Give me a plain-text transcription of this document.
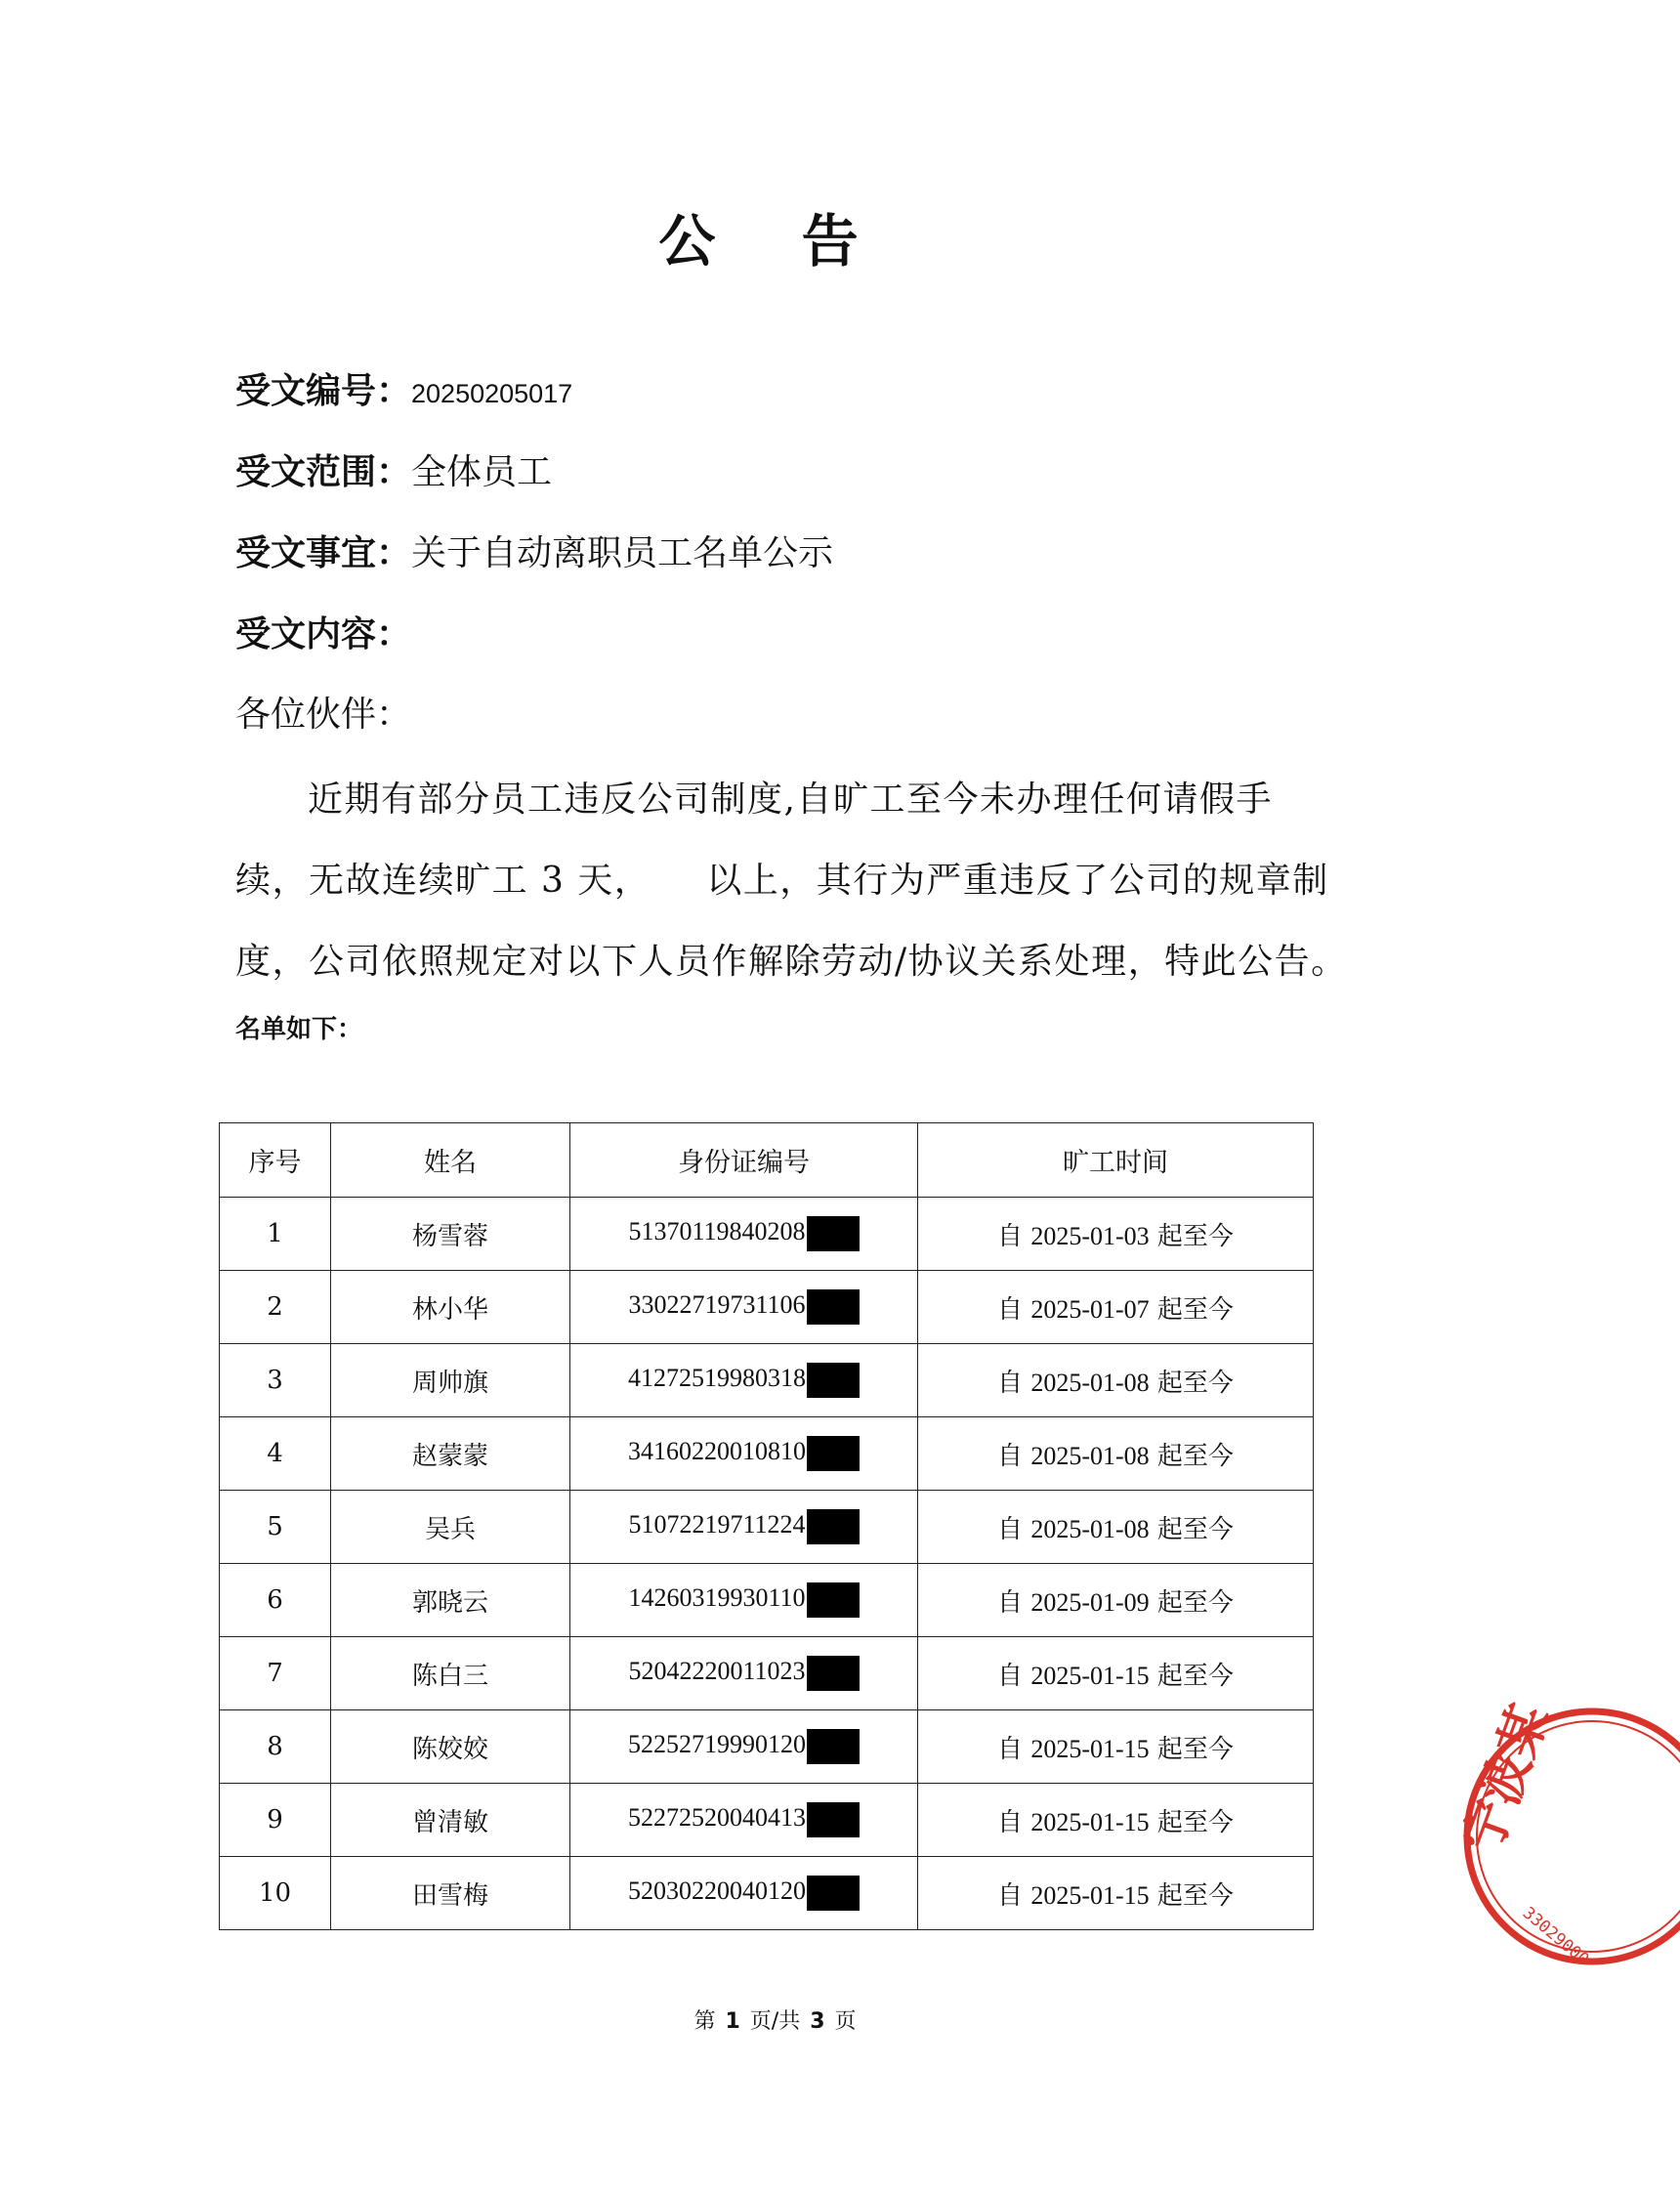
公 告
受文编号：20250205017
受文范围：全体员工
受文事宜：关于自动离职员工名单公示
受文内容：
各位伙伴：
近期有部分员工违反公司制度,自旷工至今未办理任何请假手
续，无故连续旷工 3 天，　　以上，其行为严重违反了公司的规章制
度，公司依照规定对以下人员作解除劳动/协议关系处理，特此公告。
名单如下：
序号	姓名	身份证编号	旷工时间
1	杨雪蓉	51370119840208	自 2025-01-03 起至今
2	林小华	33022719731106	自 2025-01-07 起至今
3	周帅旗	41272519980318	自 2025-01-08 起至今
4	赵蒙蒙	34160220010810	自 2025-01-08 起至今
5	吴兵	51072219711224	自 2025-01-08 起至今
6	郭晓云	14260319930110	自 2025-01-09 起至今
7	陈白三	52042220011023	自 2025-01-15 起至今
8	陈姣姣	52252719990120	自 2025-01-15 起至今
9	曾清敏	52272520040413	自 2025-01-15 起至今
10	田雪梅	52030220040120	自 2025-01-15 起至今
第 1 页/共 3 页
宁波某
33029000
